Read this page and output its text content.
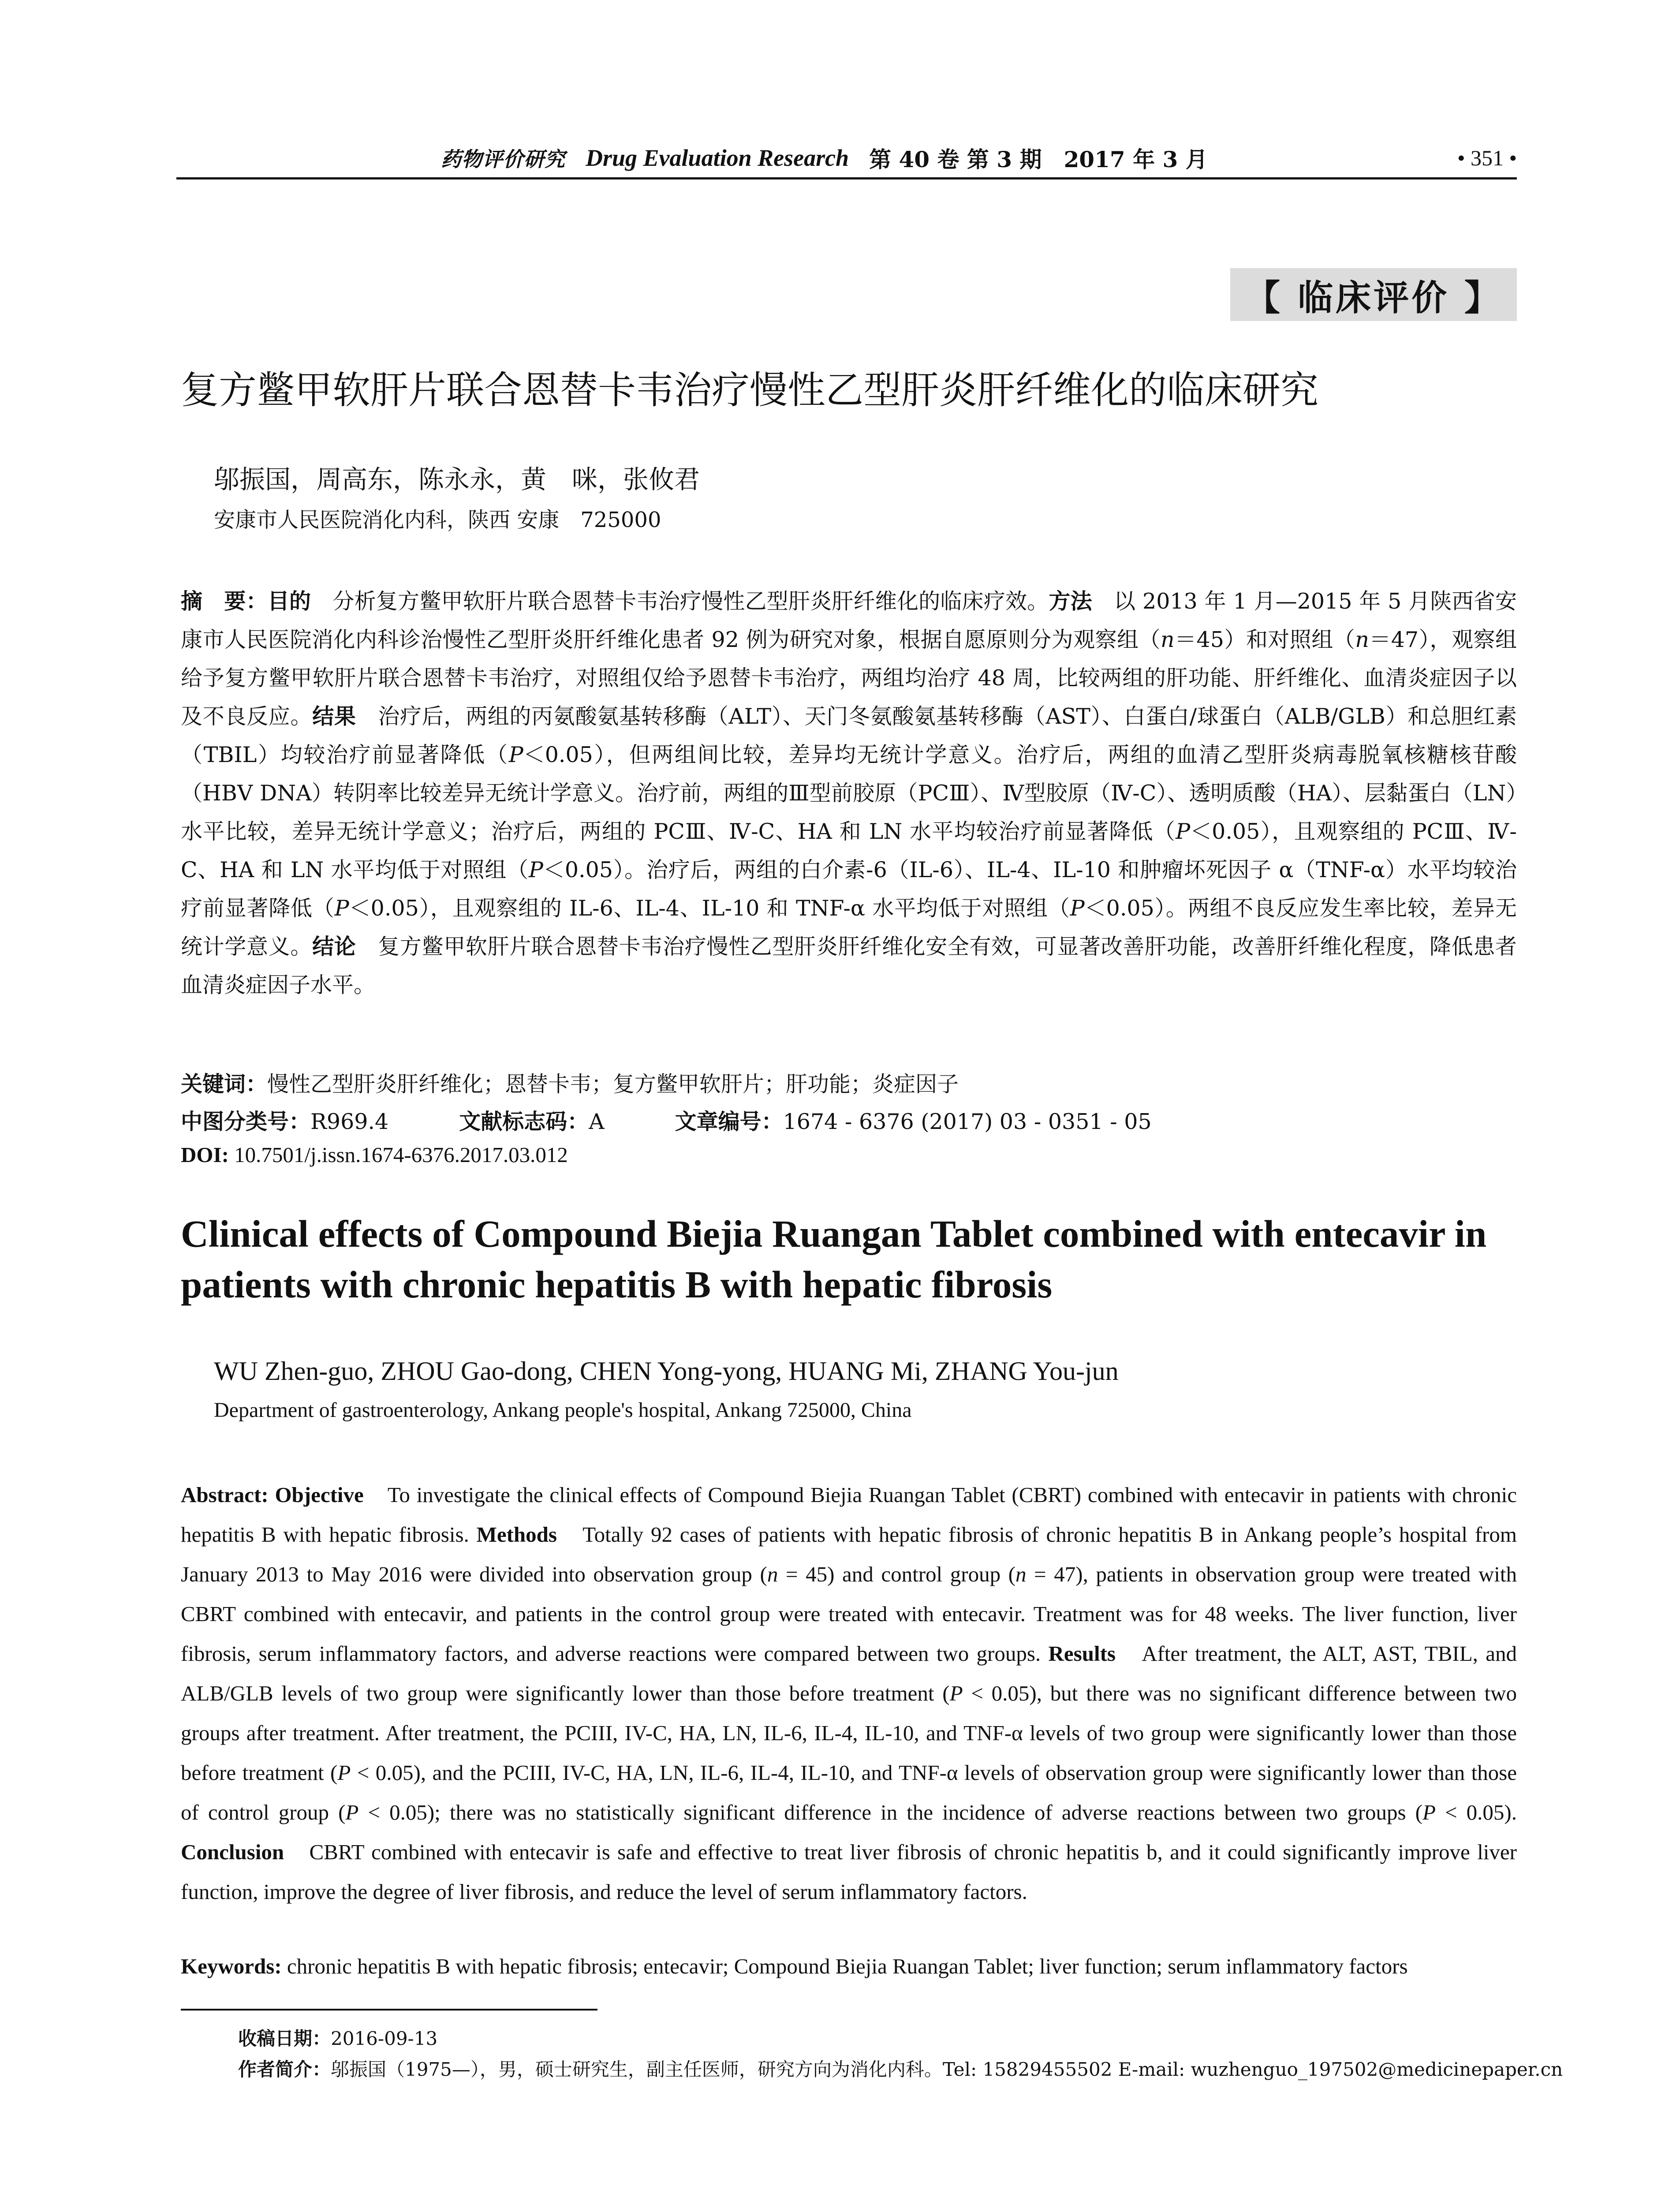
药物评价研究 Drug Evaluation Research 第 40 卷 第 3 期　2017 年 3 月	• 351 •
【 临床评价 】
复方鳖甲软肝片联合恩替卡韦治疗慢性乙型肝炎肝纤维化的临床研究
邬振国，周高东，陈永永，黄　咪，张攸君
安康市人民医院消化内科，陕西 安康　725000
摘　要：目的　分析复方鳖甲软肝片联合恩替卡韦治疗慢性乙型肝炎肝纤维化的临床疗效。方法　以 2013 年 1 月—2015 年 5 月陕西省安康市人民医院消化内科诊治慢性乙型肝炎肝纤维化患者 92 例为研究对象，根据自愿原则分为观察组（n＝45）和对照组（n＝47），观察组给予复方鳖甲软肝片联合恩替卡韦治疗，对照组仅给予恩替卡韦治疗，两组均治疗 48 周，比较两组的肝功能、肝纤维化、血清炎症因子以及不良反应。结果　治疗后，两组的丙氨酸氨基转移酶（ALT）、天门冬氨酸氨基转移酶（AST）、白蛋白/球蛋白（ALB/GLB）和总胆红素（TBIL）均较治疗前显著降低（P＜0.05），但两组间比较，差异均无统计学意义。治疗后，两组的血清乙型肝炎病毒脱氧核糖核苷酸（HBV DNA）转阴率比较差异无统计学意义。治疗前，两组的Ⅲ型前胶原（PCⅢ）、Ⅳ型胶原（Ⅳ-C）、透明质酸（HA）、层黏蛋白（LN）水平比较，差异无统计学意义；治疗后，两组的 PCⅢ、Ⅳ-C、HA 和 LN 水平均较治疗前显著降低（P＜0.05），且观察组的 PCⅢ、Ⅳ-C、HA 和 LN 水平均低于对照组（P＜0.05）。治疗后，两组的白介素-6（IL-6）、IL-4、IL-10 和肿瘤坏死因子 α（TNF-α）水平均较治疗前显著降低（P＜0.05），且观察组的 IL-6、IL-4、IL-10 和 TNF-α 水平均低于对照组（P＜0.05）。两组不良反应发生率比较，差异无统计学意义。结论　复方鳖甲软肝片联合恩替卡韦治疗慢性乙型肝炎肝纤维化安全有效，可显著改善肝功能，改善肝纤维化程度，降低患者血清炎症因子水平。
关键词：慢性乙型肝炎肝纤维化；恩替卡韦；复方鳖甲软肝片；肝功能；炎症因子
中图分类号：R969.4	文献标志码：A	文章编号：1674 - 6376 (2017) 03 - 0351 - 05
DOI: 10.7501/j.issn.1674-6376.2017.03.012
Clinical effects of Compound Biejia Ruangan Tablet combined with entecavir in patients with chronic hepatitis B with hepatic fibrosis
WU Zhen-guo, ZHOU Gao-dong, CHEN Yong-yong, HUANG Mi, ZHANG You-jun
Department of gastroenterology, Ankang people's hospital, Ankang 725000, China
Abstract: Objective　To investigate the clinical effects of Compound Biejia Ruangan Tablet (CBRT) combined with entecavir in patients with chronic hepatitis B with hepatic fibrosis. Methods　Totally 92 cases of patients with hepatic fibrosis of chronic hepatitis B in Ankang people’s hospital from January 2013 to May 2016 were divided into observation group (n = 45) and control group (n = 47), patients in observation group were treated with CBRT combined with entecavir, and patients in the control group were treated with entecavir. Treatment was for 48 weeks. The liver function, liver fibrosis, serum inflammatory factors, and adverse reactions were compared between two groups. Results　After treatment, the ALT, AST, TBIL, and ALB/GLB levels of two group were significantly lower than those before treatment (P < 0.05), but there was no significant difference between two groups after treatment. After treatment, the PCIII, IV-C, HA, LN, IL-6, IL-4, IL-10, and TNF-α levels of two group were significantly lower than those before treatment (P < 0.05), and the PCIII, IV-C, HA, LN, IL-6, IL-4, IL-10, and TNF-α levels of observation group were significantly lower than those of control group (P < 0.05); there was no statistically significant difference in the incidence of adverse reactions between two groups (P < 0.05). Conclusion　CBRT combined with entecavir is safe and effective to treat liver fibrosis of chronic hepatitis b, and it could significantly improve liver function, improve the degree of liver fibrosis, and reduce the level of serum inflammatory factors.
Keywords: chronic hepatitis B with hepatic fibrosis; entecavir; Compound Biejia Ruangan Tablet; liver function; serum inflammatory factors
收稿日期：2016-09-13
作者简介：邬振国（1975—），男，硕士研究生，副主任医师，研究方向为消化内科。Tel: 15829455502 E-mail: wuzhenguo_197502@medicinepaper.cn
